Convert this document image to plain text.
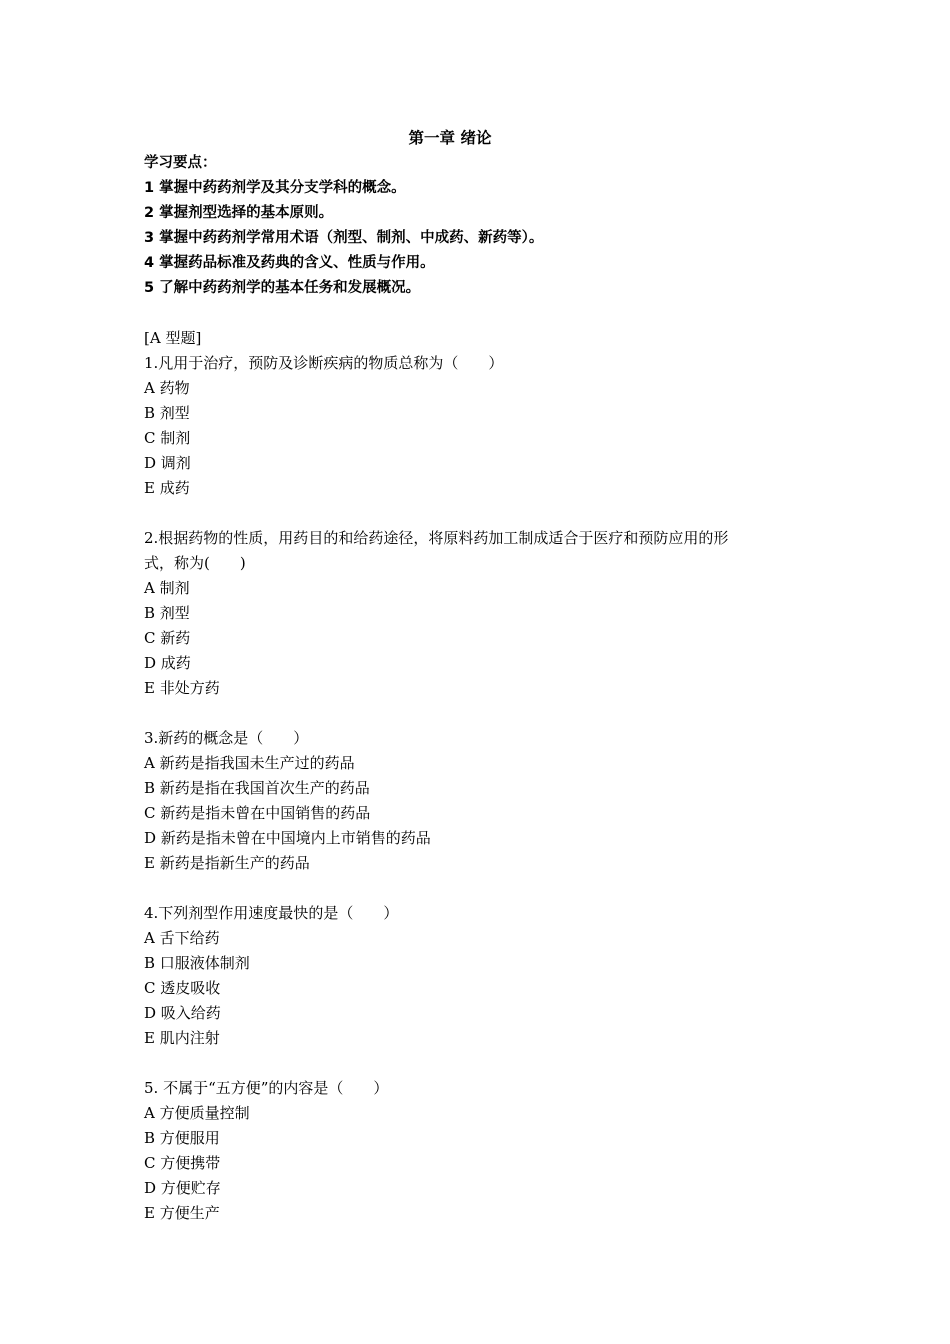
第一章 绪论
学习要点：
1 掌握中药药剂学及其分支学科的概念。
2 掌握剂型选择的基本原则。
3 掌握中药药剂学常用术语（剂型、制剂、中成药、新药等）。
4 掌握药品标准及药典的含义、性质与作用。
5 了解中药药剂学的基本任务和发展概况。
[A 型题]
1.凡用于治疗，预防及诊断疾病的物质总称为（　　）
A 药物
B 剂型
C 制剂
D 调剂
E 成药
2.根据药物的性质，用药目的和给药途径，将原料药加工制成适合于医疗和预防应用的形
式，称为(　　)
A 制剂
B 剂型
C 新药
D 成药
E 非处方药
3.新药的概念是（　　）
A 新药是指我国未生产过的药品
B 新药是指在我国首次生产的药品
C 新药是指未曾在中国销售的药品
D 新药是指未曾在中国境内上市销售的药品
E 新药是指新生产的药品
4.下列剂型作用速度最快的是（　　）
A 舌下给药
B 口服液体制剂
C 透皮吸收
D 吸入给药
E 肌内注射
5. 不属于“五方便”的内容是（　　）
A 方便质量控制
B 方便服用
C 方便携带
D 方便贮存
E 方便生产
